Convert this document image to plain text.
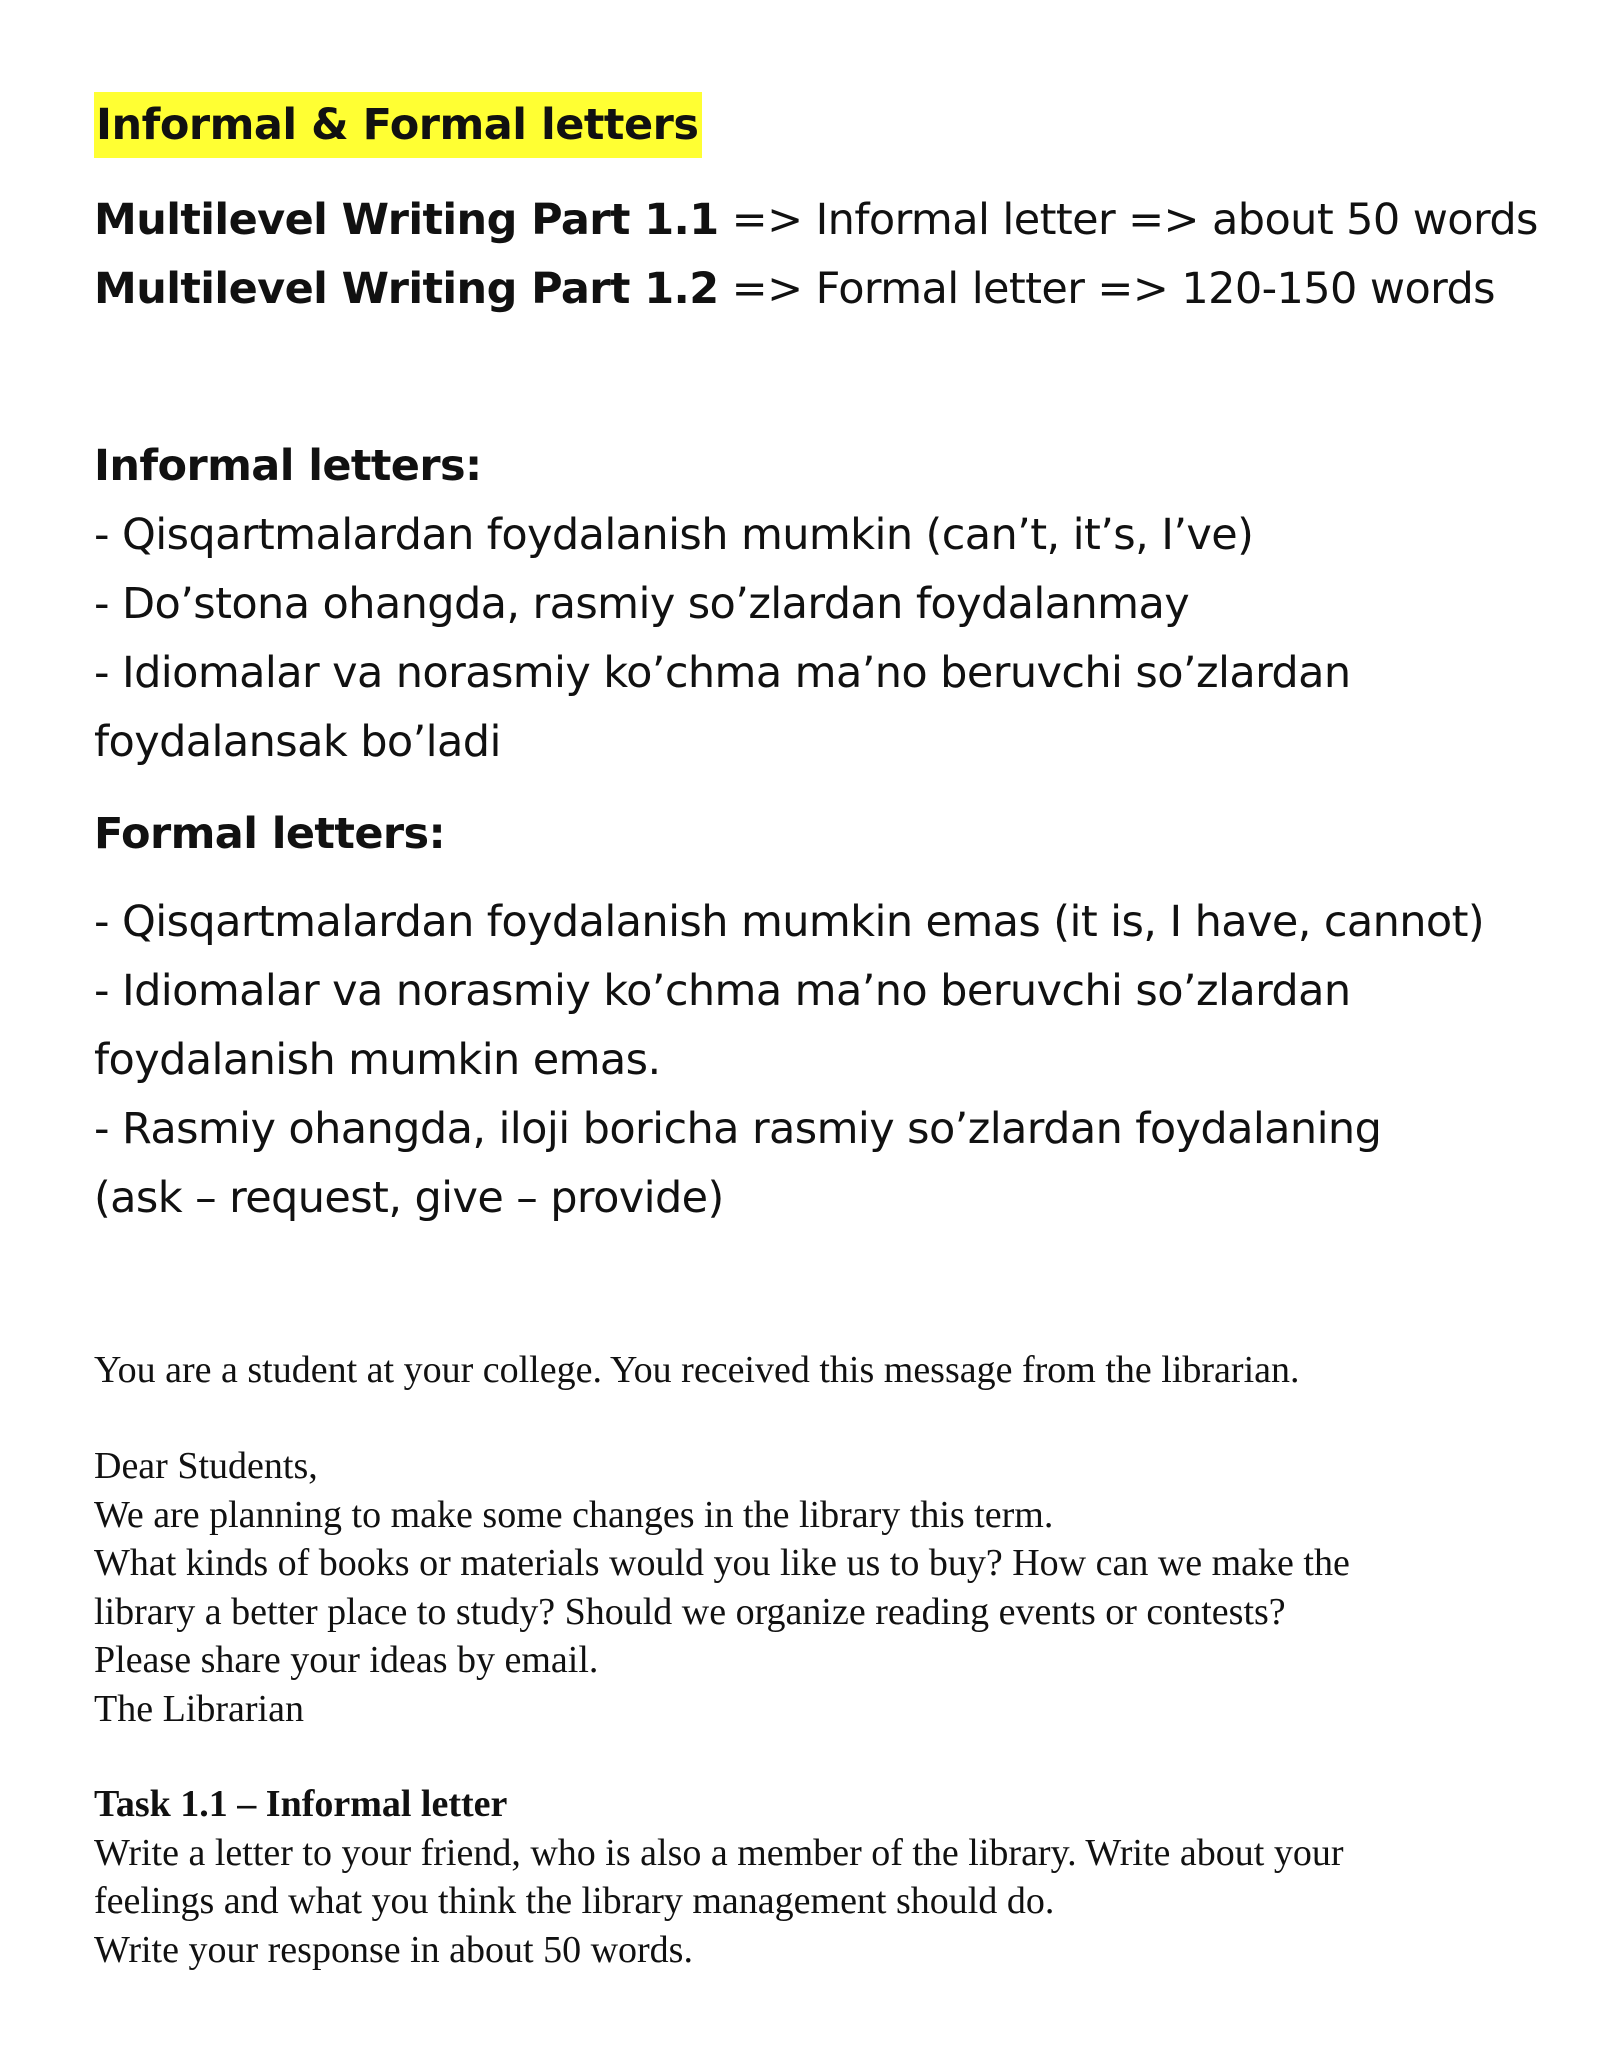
Informal & Formal letters
Multilevel Writing Part 1.1 => Informal letter => about 50 words
Multilevel Writing Part 1.2 => Formal letter => 120-150 words
Informal letters:
- Qisqartmalardan foydalanish mumkin (can’t, it’s, I’ve)
- Do’stona ohangda, rasmiy so’zlardan foydalanmay
- Idiomalar va norasmiy ko’chma ma’no beruvchi so’zlardan
foydalansak bo’ladi
Formal letters:
- Qisqartmalardan foydalanish mumkin emas (it is, I have, cannot)
- Idiomalar va norasmiy ko’chma ma’no beruvchi so’zlardan
foydalanish mumkin emas.
- Rasmiy ohangda, iloji boricha rasmiy so’zlardan foydalaning
(ask – request, give – provide)
You are a student at your college. You received this message from the librarian.
Dear Students,
We are planning to make some changes in the library this term.
What kinds of books or materials would you like us to buy? How can we make the
library a better place to study? Should we organize reading events or contests?
Please share your ideas by email.
The Librarian
Task 1.1 – Informal letter
Write a letter to your friend, who is also a member of the library. Write about your
feelings and what you think the library management should do.
Write your response in about 50 words.
